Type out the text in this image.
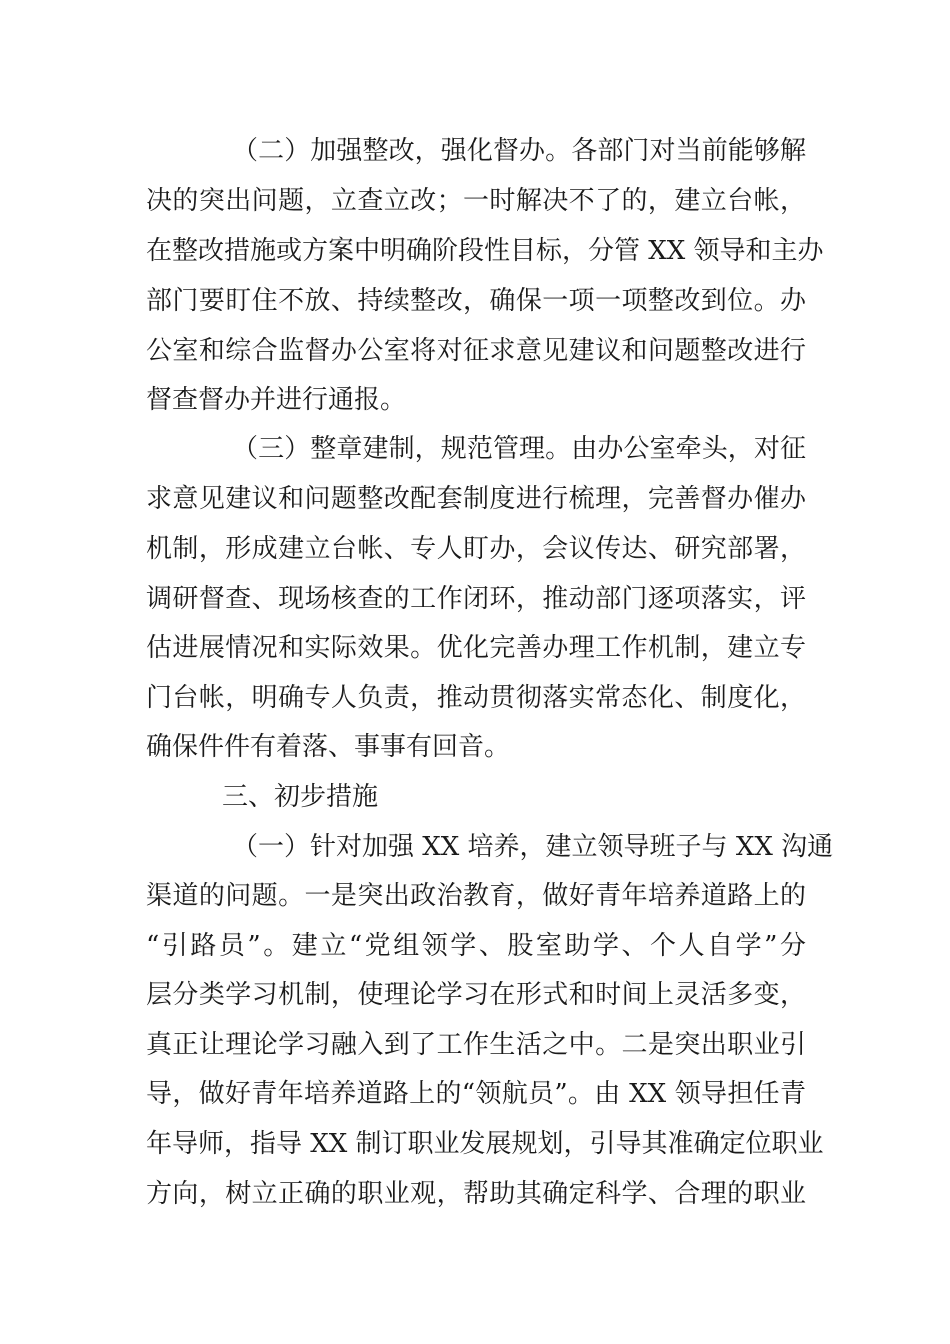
（二）加强整改，强化督办。各部门对当前能够解
决的突出问题，立查立改；一时解决不了的，建立台帐，
在整改措施或方案中明确阶段性目标，分管 XX 领导和主办
部门要盯住不放、持续整改，确保一项一项整改到位。办
公室和综合监督办公室将对征求意见建议和问题整改进行
督查督办并进行通报。
（三）整章建制，规范管理。由办公室牵头，对征
求意见建议和问题整改配套制度进行梳理，完善督办催办
机制，形成建立台帐、专人盯办，会议传达、研究部署，
调研督查、现场核查的工作闭环，推动部门逐项落实，评
估进展情况和实际效果。优化完善办理工作机制，建立专
门台帐，明确专人负责，推动贯彻落实常态化、制度化，
确保件件有着落、事事有回音。
三、初步措施
（一）针对加强 XX 培养，建立领导班子与 XX 沟通
渠道的问题。一是突出政治教育，做好青年培养道路上的
“引路员”。建立“党组领学、股室助学、个人自学”分
层分类学习机制，使理论学习在形式和时间上灵活多变，
真正让理论学习融入到了工作生活之中。二是突出职业引
导，做好青年培养道路上的“领航员”。由 XX 领导担任青
年导师，指导 XX 制订职业发展规划，引导其准确定位职业
方向，树立正确的职业观，帮助其确定科学、合理的职业
